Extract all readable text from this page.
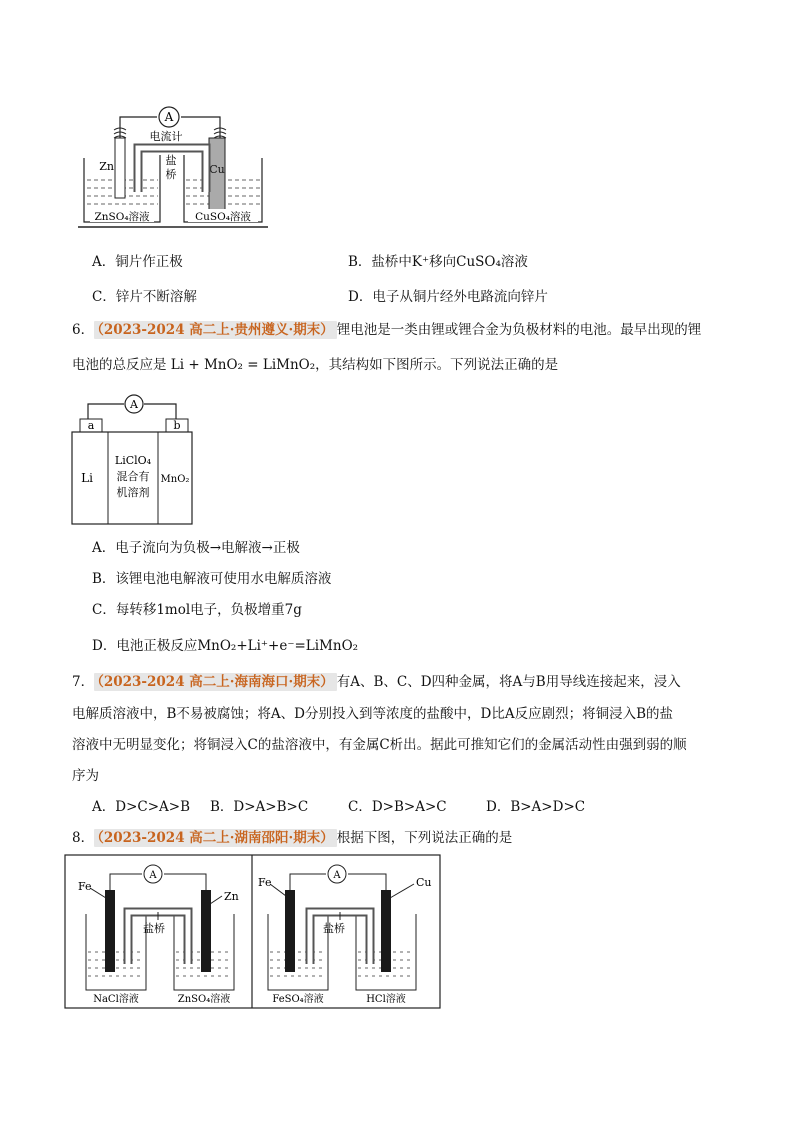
A
电流计
Zn	Cu
盐
桥
ZnSO₄溶液	CuSO₄溶液
A．铜片作正极	B．盐桥中K⁺移向CuSO₄溶液
C．锌片不断溶解	D．电子从铜片经外电路流向锌片
6． （2023-2024 高二上·贵州遵义·期末） 锂电池是一类由锂或锂合金为负极材料的电池。最早出现的锂
电池的总反应是 Li + MnO₂ = LiMnO₂，其结构如下图所示。下列说法正确的是
A
a	b
Li
LiClO₄
混合有
机溶剂
MnO₂
A．电子流向为负极→电解液→正极
B．该锂电池电解液可使用水电解质溶液
C．每转移1mol电子，负极增重7g
D．电池正极反应MnO₂+Li⁺+e⁻=LiMnO₂
7． （2023-2024 高二上·海南海口·期末） 有A、B、C、D四种金属，将A与B用导线连接起来，浸入
电解质溶液中，B不易被腐蚀；将A、D分别投入到等浓度的盐酸中，D比A反应剧烈；将铜浸入B的盐
溶液中无明显变化；将铜浸入C的盐溶液中，有金属C析出。据此可推知它们的金属活动性由强到弱的顺
序为
A．D>C>A>B B．D>A>B>C	C．D>B>A>C	D．B>A>D>C
8． （2023-2024 高二上·湖南邵阳·期末） 根据下图，下列说法正确的是
A
Fe
Zn
盐桥
NaCl溶液	ZnSO₄溶液
A
Fe	Cu
盐桥
FeSO₄溶液	HCl溶液
